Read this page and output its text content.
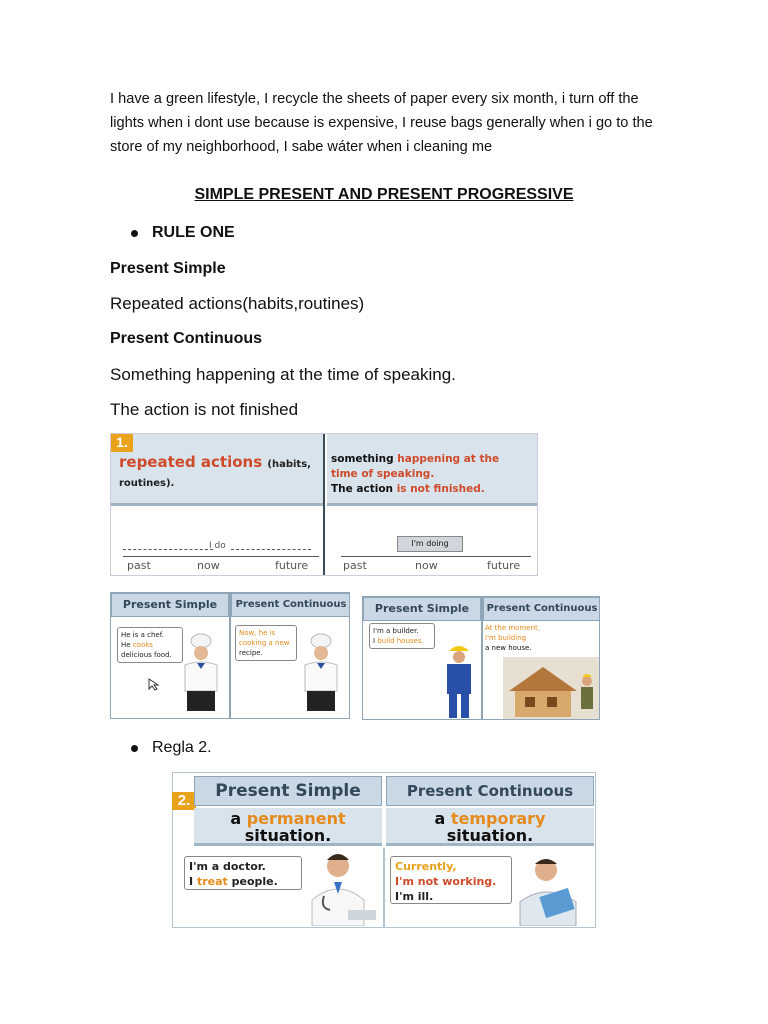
I have a green lifestyle, I recycle the sheets of paper every six month, i turn off the lights when i dont use because is expensive, I reuse bags generally when i go to the store of my neighborhood, I sabe wáter when i cleaning me
SIMPLE PRESENT AND PRESENT PROGRESSIVE
RULE ONE
Present Simple
Repeated actions(habits,routines)
Present Continuous
Something happening at the time of speaking.
The action is not finished
1.
repeated actions (habits, routines).
something happening at the
time of speaking.
The action is not finished.
I do
past	now	future
I'm doing
past	now	future
Present Simple	Present Continuous
He is a chef.
He cooks
delicious food.
Now, he is
cooking a new
recipe.
Present Simple	Present Continuous
I'm a builder.
I build houses.
At the moment,
I'm building
a new house.
Regla 2.
2.	Present Simple	Present Continuous
a permanent
situation.
a temporary
situation.
I'm a doctor.
I treat people.
Currently,
I'm not working.
I'm ill.
